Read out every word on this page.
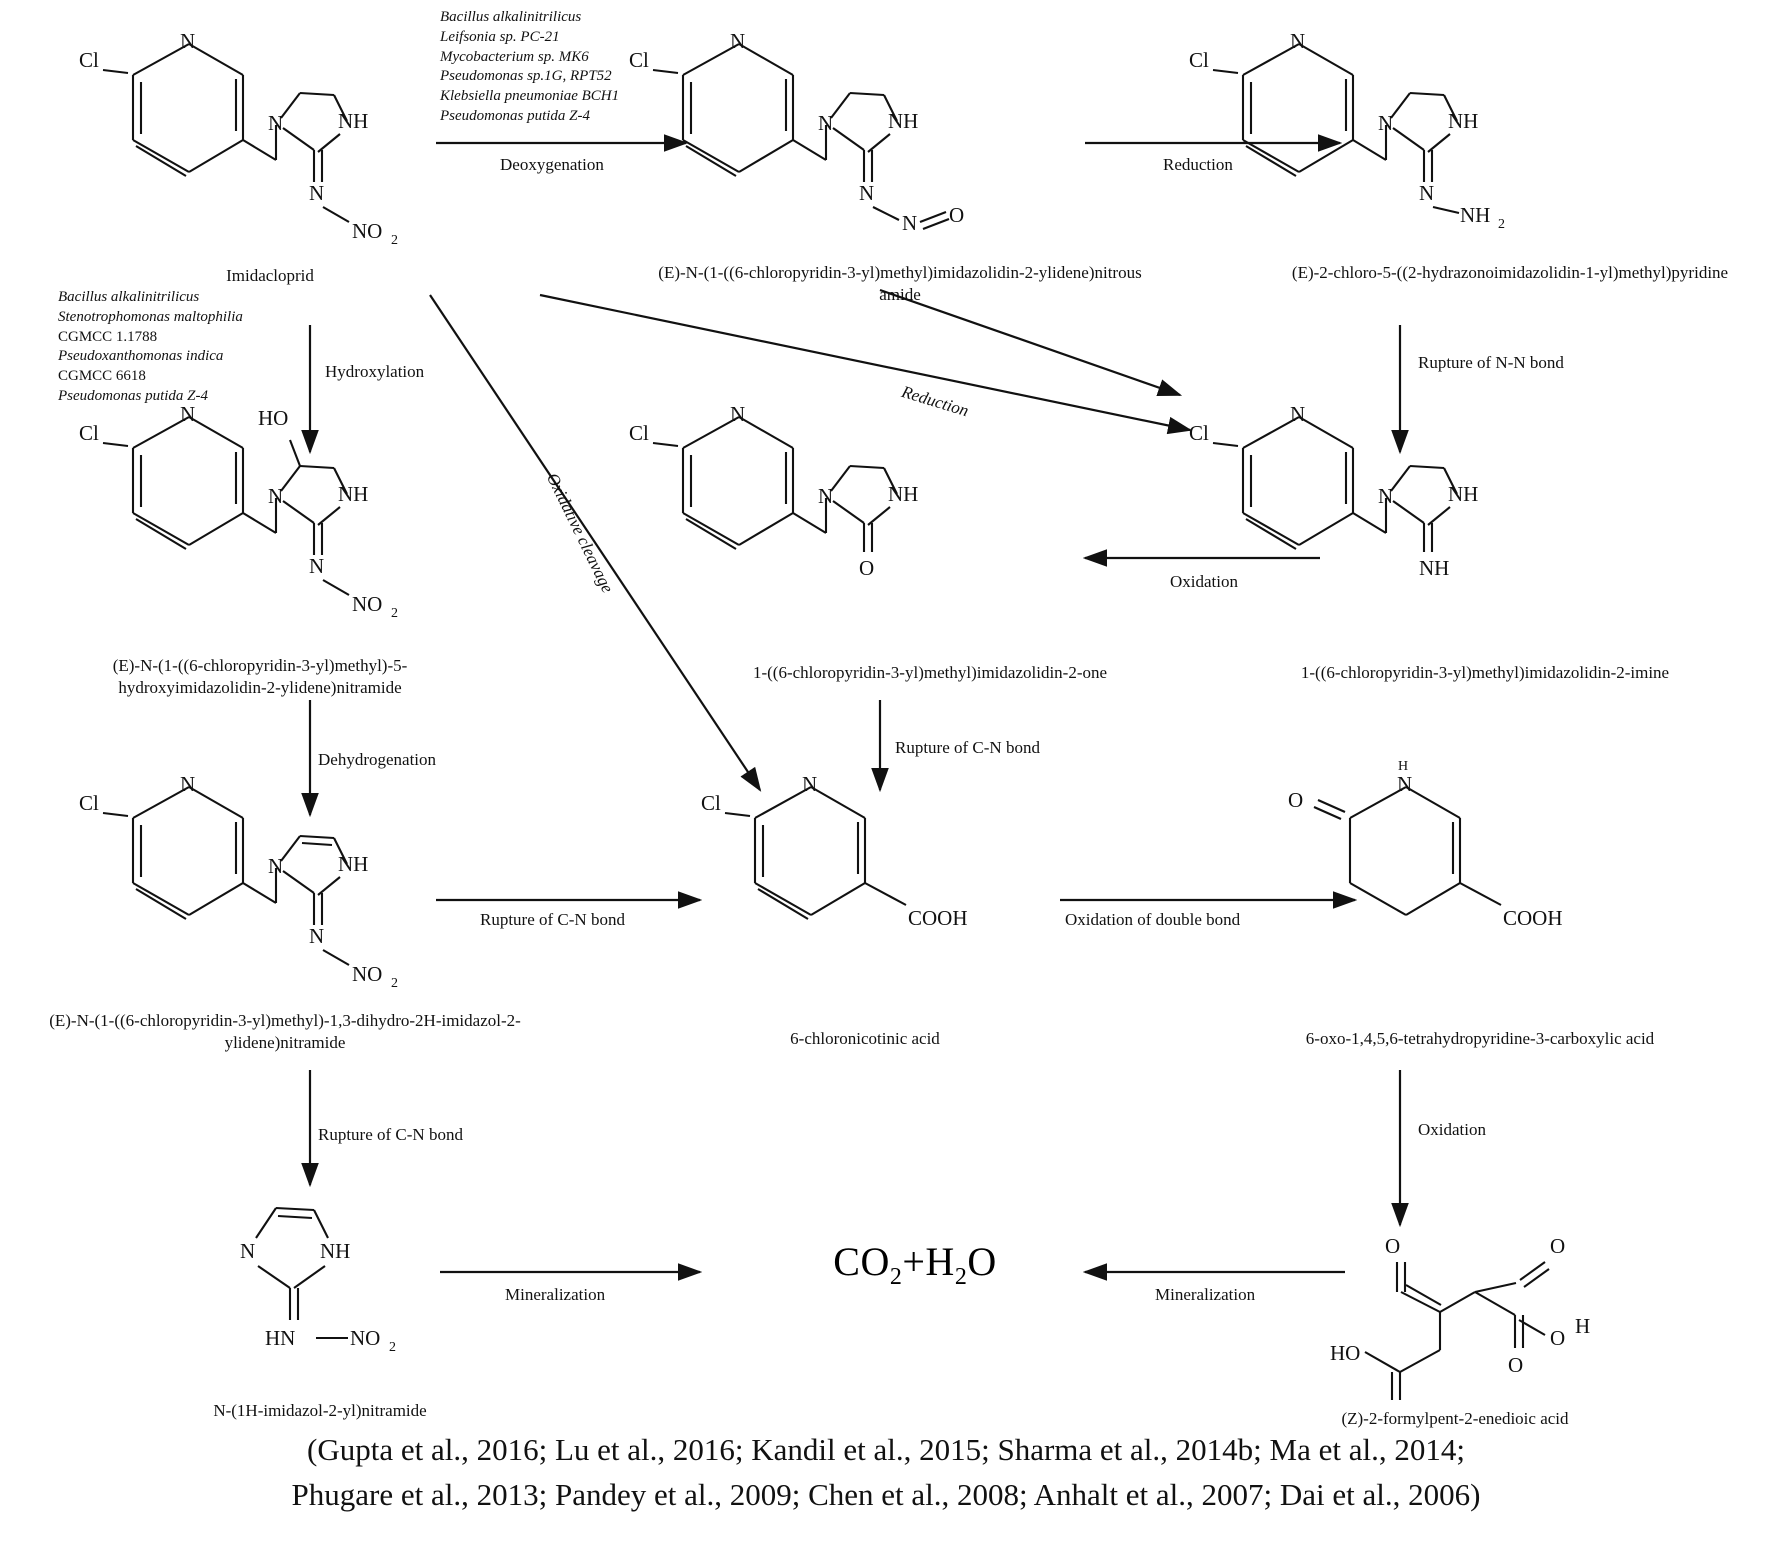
Cl
N
N	NH
N
NO 2
Cl
N
N	NH
N
N O
Cl
N
N	NH
N
NH 2
Cl
N
N	NH
HO
N
NO 2
Cl
N
N	NH
O
Cl
N
N	NH
NH
Cl
N
N	NH
N
NO 2
Cl
N
COOH
N
H
O
COOH
N	NH
HN	NO 2
O	O
O H
O
HO
Bacillus alkalinitrilicus
Leifsonia sp. PC-21
Mycobacterium sp. MK6
Pseudomonas sp.1G, RPT52
Klebsiella pneumoniae BCH1
Pseudomonas putida Z-4
Bacillus alkalinitrilicus
Stenotrophomonas maltophilia
CGMCC 1.1788
Pseudoxanthomonas indica
CGMCC 6618
Pseudomonas putida Z-4
Deoxygenation	Reduction
Hydroxylation	Rupture of N-N bond
Reduction
Oxidative cleavage	Oxidation
Dehydrogenation
Rupture of C-N bond
Rupture of C-N bond	Oxidation of double bond
Rupture of C-N bond	Oxidation
Mineralization	Mineralization
Imidacloprid	(E)-N-(1-((6-chloropyridin-3-yl)methyl)imidazolidin-2-ylidene)nitrous amide
(E)-2-chloro-5-((2-hydrazonoimidazolidin-1-yl)methyl)pyridine
(E)-N-(1-((6-chloropyridin-3-yl)methyl)-5-hydroxyimidazolidin-2-ylidene)nitramide
1-((6-chloropyridin-3-yl)methyl)imidazolidin-2-one	1-((6-chloropyridin-3-yl)methyl)imidazolidin-2-imine
(E)-N-(1-((6-chloropyridin-3-yl)methyl)-1,3-dihydro-2H-imidazol-2-ylidene)nitramide	6-chloronicotinic acid	6-oxo-1,4,5,6-tetrahydropyridine-3-carboxylic acid
N-(1H-imidazol-2-yl)nitramide	(Z)-2-formylpent-2-enedioic acid
$CO_2+H_2O$
(Gupta et al., 2016; Lu et al., 2016; Kandil et al., 2015; Sharma et al., 2014b; Ma et al., 2014;
Phugare et al., 2013; Pandey et al., 2009; Chen et al., 2008; Anhalt et al., 2007; Dai et al., 2006)
